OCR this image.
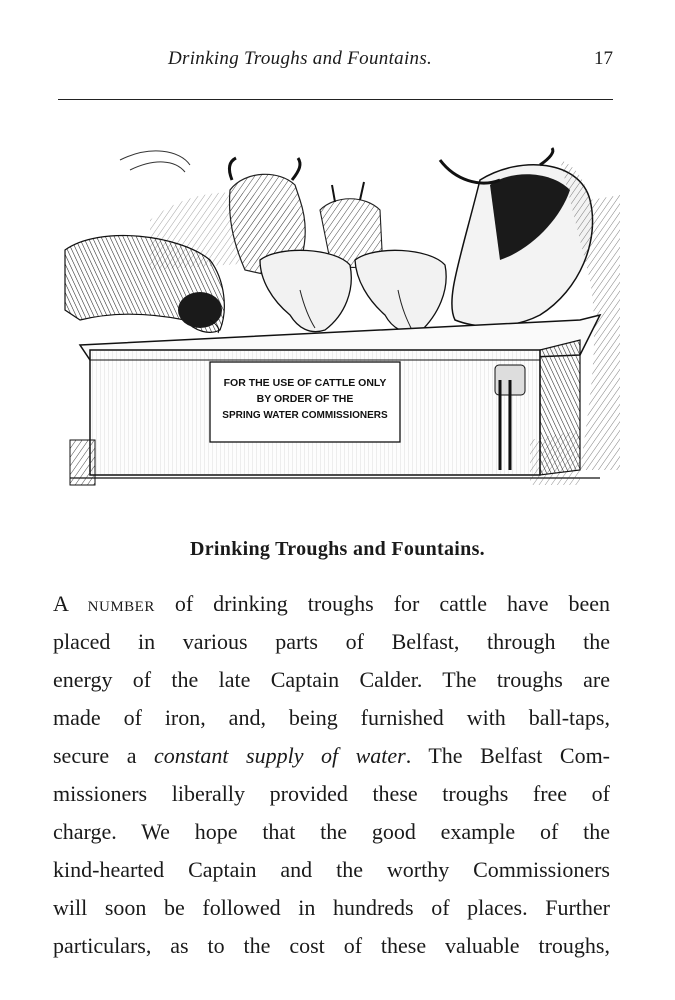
Drinking Troughs and Fountains.	17
FOR THE USE OF CATTLE ONLY
BY ORDER OF THE
SPRING WATER COMMISSIONERS
Drinking Troughs and Fountains.
A number of drinking troughs for cattle have been
placed in various parts of Belfast, through the
energy of the late Captain Calder. The troughs are
made of iron, and, being furnished with ball-taps,
secure a constant supply of water. The Belfast Com-
missioners liberally provided these troughs free of
charge. We hope that the good example of the
kind-hearted Captain and the worthy Commissioners
will soon be followed in hundreds of places. Further
particulars, as to the cost of these valuable troughs,
